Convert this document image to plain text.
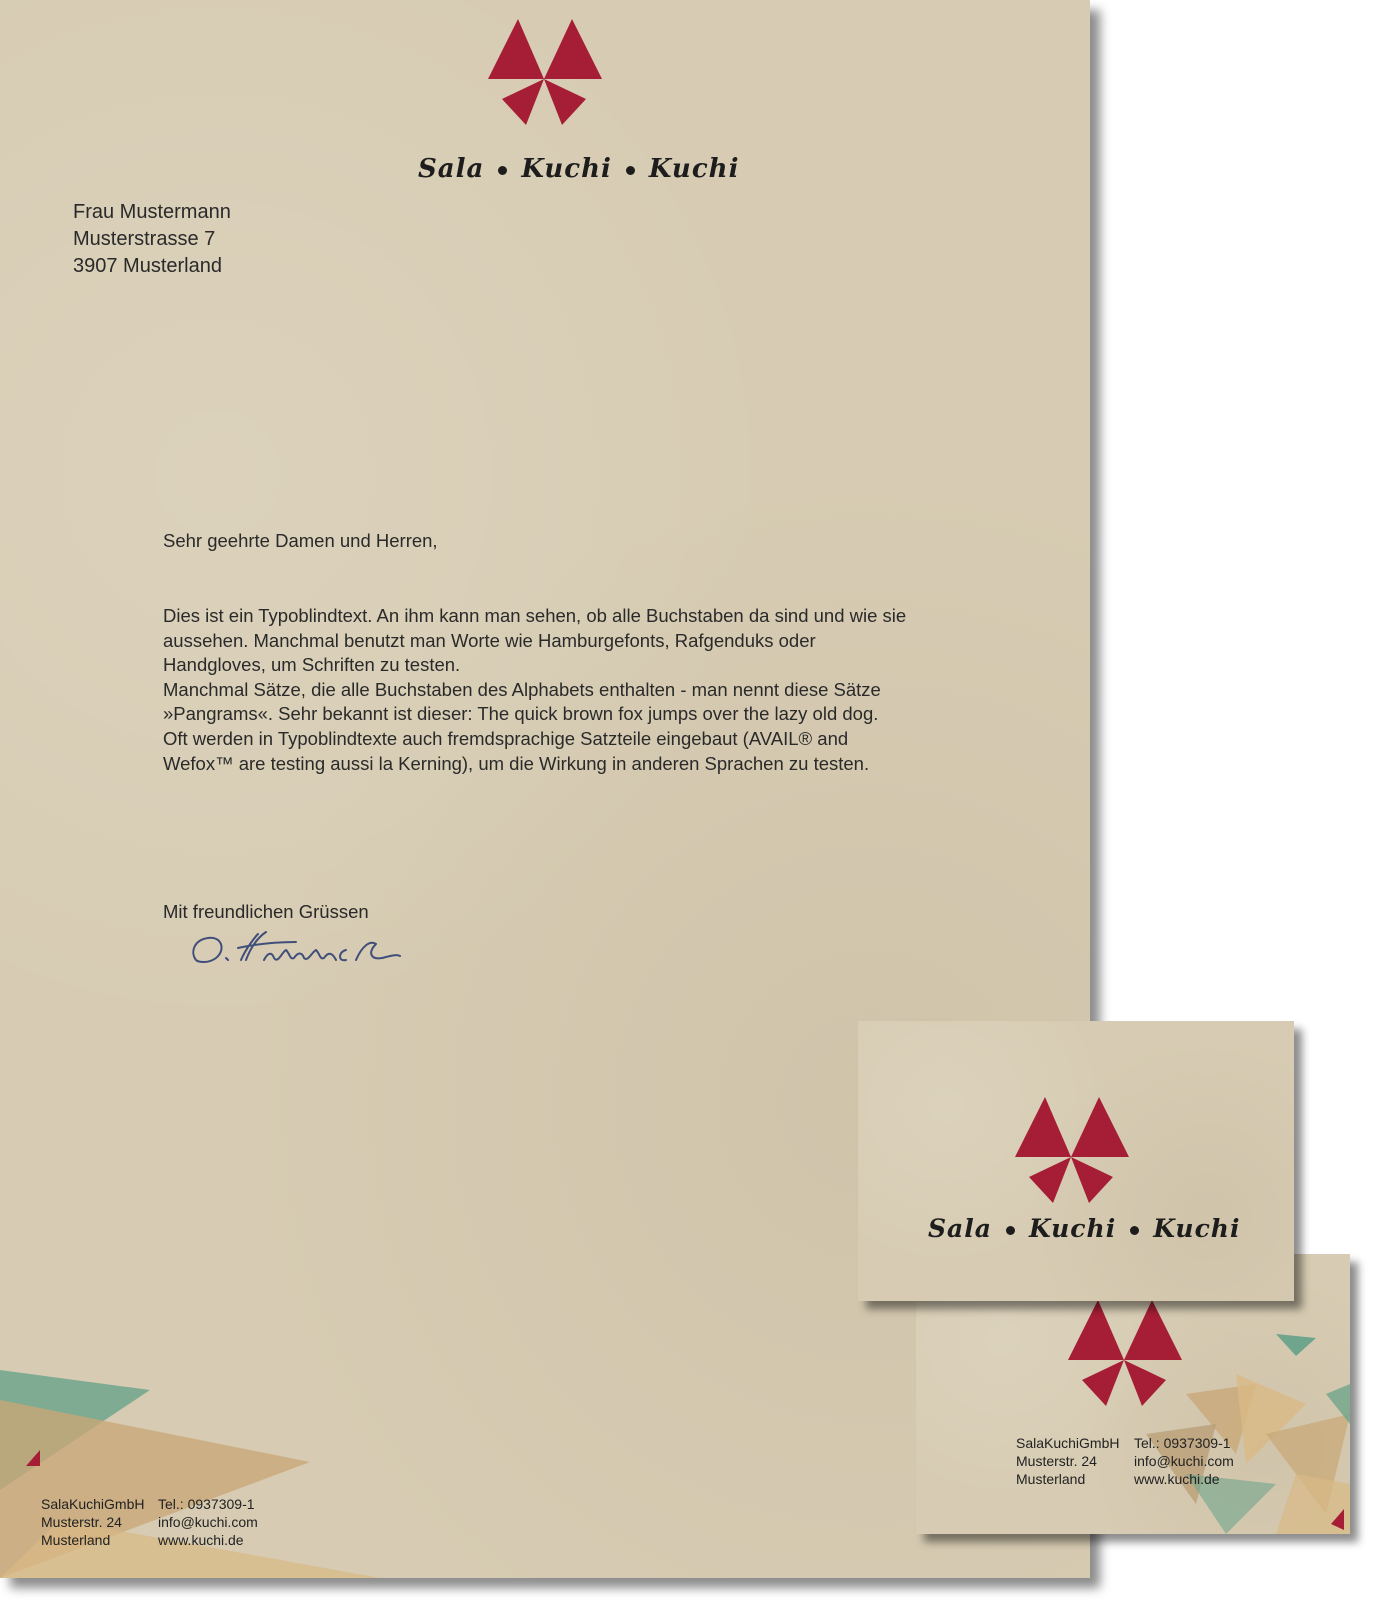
Sala Kuchi Kuchi
Frau Mustermann
Musterstrasse 7
3907 Musterland
Sehr geehrte Damen und Herren,

Dies ist ein Typoblindtext. An ihm kann man sehen, ob alle Buchstaben da sind und wie sie aussehen. Manchmal benutzt man Worte wie Hamburgefonts, Rafgenduks oder Handgloves, um Schriften zu testen.

Manchmal Sätze, die alle Buchstaben des Alphabets enthalten - man nennt diese Sätze »Pangrams«. Sehr bekannt ist dieser: The quick brown fox jumps over the lazy old dog. Oft werden in Typoblindtexte auch fremdsprachige Satzteile eingebaut (AVAIL® and Wefox™ are testing aussi la Kerning), um die Wirkung in anderen Sprachen zu testen.

Mit freundlichen Grüssen
SalaKuchiGmbH
Musterstr. 24
Musterland
Tel.: 0937309-1
info@kuchi.com
www.kuchi.de
SalaKuchiGmbH
Musterstr. 24
Musterland
Tel.: 0937309-1
info@kuchi.com
www.kuchi.de
Sala Kuchi Kuchi
